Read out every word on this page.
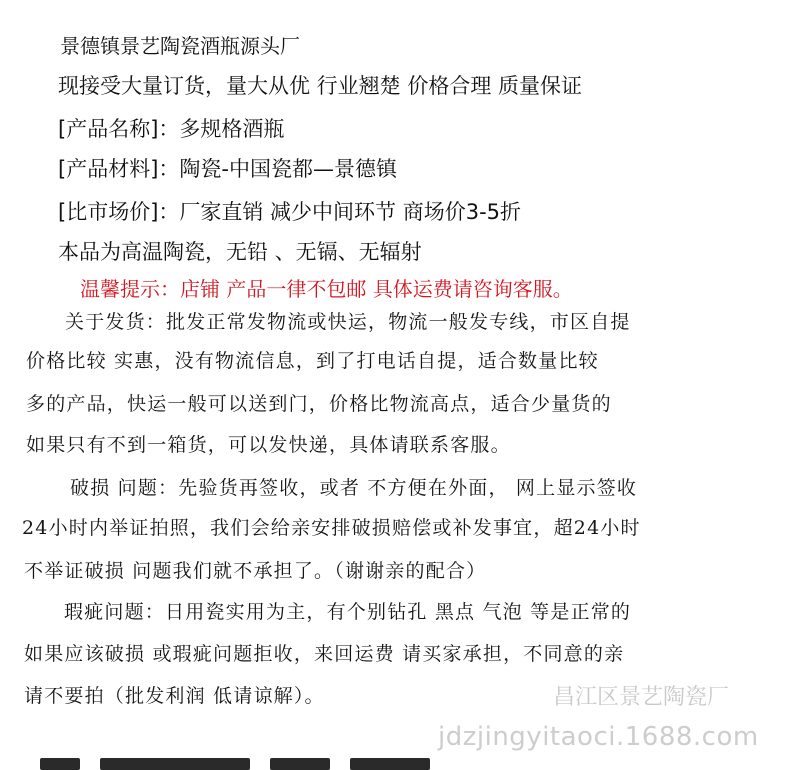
景德镇景艺陶瓷酒瓶源头厂
现接受大量订货，量大从优 行业翘楚 价格合理 质量保证
[产品名称]：多规格酒瓶
[产品材料]：陶瓷-中国瓷都—景德镇
[比市场价]：厂家直销 减少中间环节 商场价3-5折
本品为高温陶瓷，无铅 、无镉、无辐射
温馨提示：店铺 产品一律不包邮 具体运费请咨询客服。
关于发货：批发正常发物流或快运，物流一般发专线，市区自提
价格比较 实惠，没有物流信息，到了打电话自提，适合数量比较
多的产品，快运一般可以送到门，价格比物流高点，适合少量货的
如果只有不到一箱货，可以发快递，具体请联系客服。
破损 问题：先验货再签收，或者 不方便在外面， 网上显示签收
24小时内举证拍照，我们会给亲安排破损赔偿或补发事宜，超24小时
不举证破损 问题我们就不承担了。（谢谢亲的配合）
瑕疵问题：日用瓷实用为主，有个别钻孔 黑点 气泡 等是正常的
如果应该破损 或瑕疵问题拒收，来回运费 请买家承担，不同意的亲
请不要拍（批发利润 低请谅解）。	昌江区景艺陶瓷厂
jdzjingyitaoci.1688.com
